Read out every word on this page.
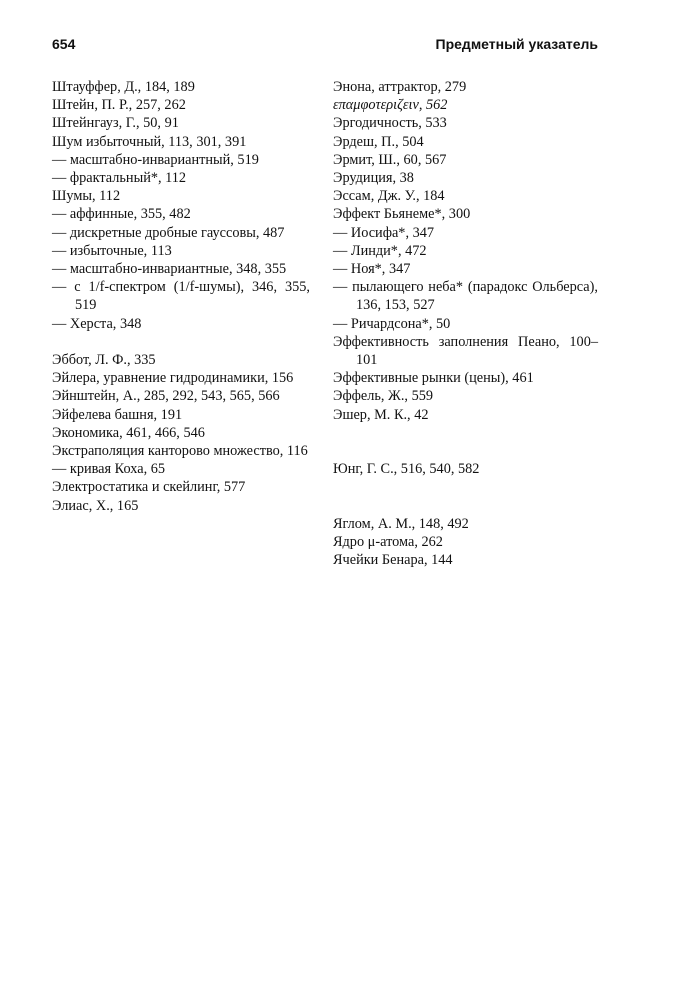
654	Предметный указатель
Штауффер, Д., 184, 189
Штейн, П. Р., 257, 262
Штейнгауз, Г., 50, 91
Шум избыточный, 113, 301, 391
— масштабно-инвариантный, 519
— фрактальный*, 112
Шумы, 112
— аффинные, 355, 482
— дискретные дробные гауссовы, 487
— избыточные, 113
— масштабно-инвариантные, 348, 355
— с 1/f-спектром (1/f-шумы), 346, 355, 519
— Херста, 348
Эббот, Л. Ф., 335
Эйлера, уравнение гидродинамики, 156
Эйнштейн, А., 285, 292, 543, 565, 566
Эйфелева башня, 191
Экономика, 461, 466, 546
Экстраполяция канторово множество, 116
— кривая Коха, 65
Электростатика и скейлинг, 577
Элиас, Х., 165
Энона, аттрактор, 279
επαμφοτεριζειν, 562
Эргодичность, 533
Эрдеш, П., 504
Эрмит, Ш., 60, 567
Эрудиция, 38
Эссам, Дж. У., 184
Эффект Бьянеме*, 300
— Иосифа*, 347
— Линди*, 472
— Ноя*, 347
— пылающего неба* (парадокс Ольберса), 136, 153, 527
— Ричардсона*, 50
Эффективность заполнения Пеано, 100–101
Эффективные рынки (цены), 461
Эффель, Ж., 559
Эшер, М. К., 42
Юнг, Г. С., 516, 540, 582
Яглом, А. М., 148, 492
Ядро μ-атома, 262
Ячейки Бенара, 144
